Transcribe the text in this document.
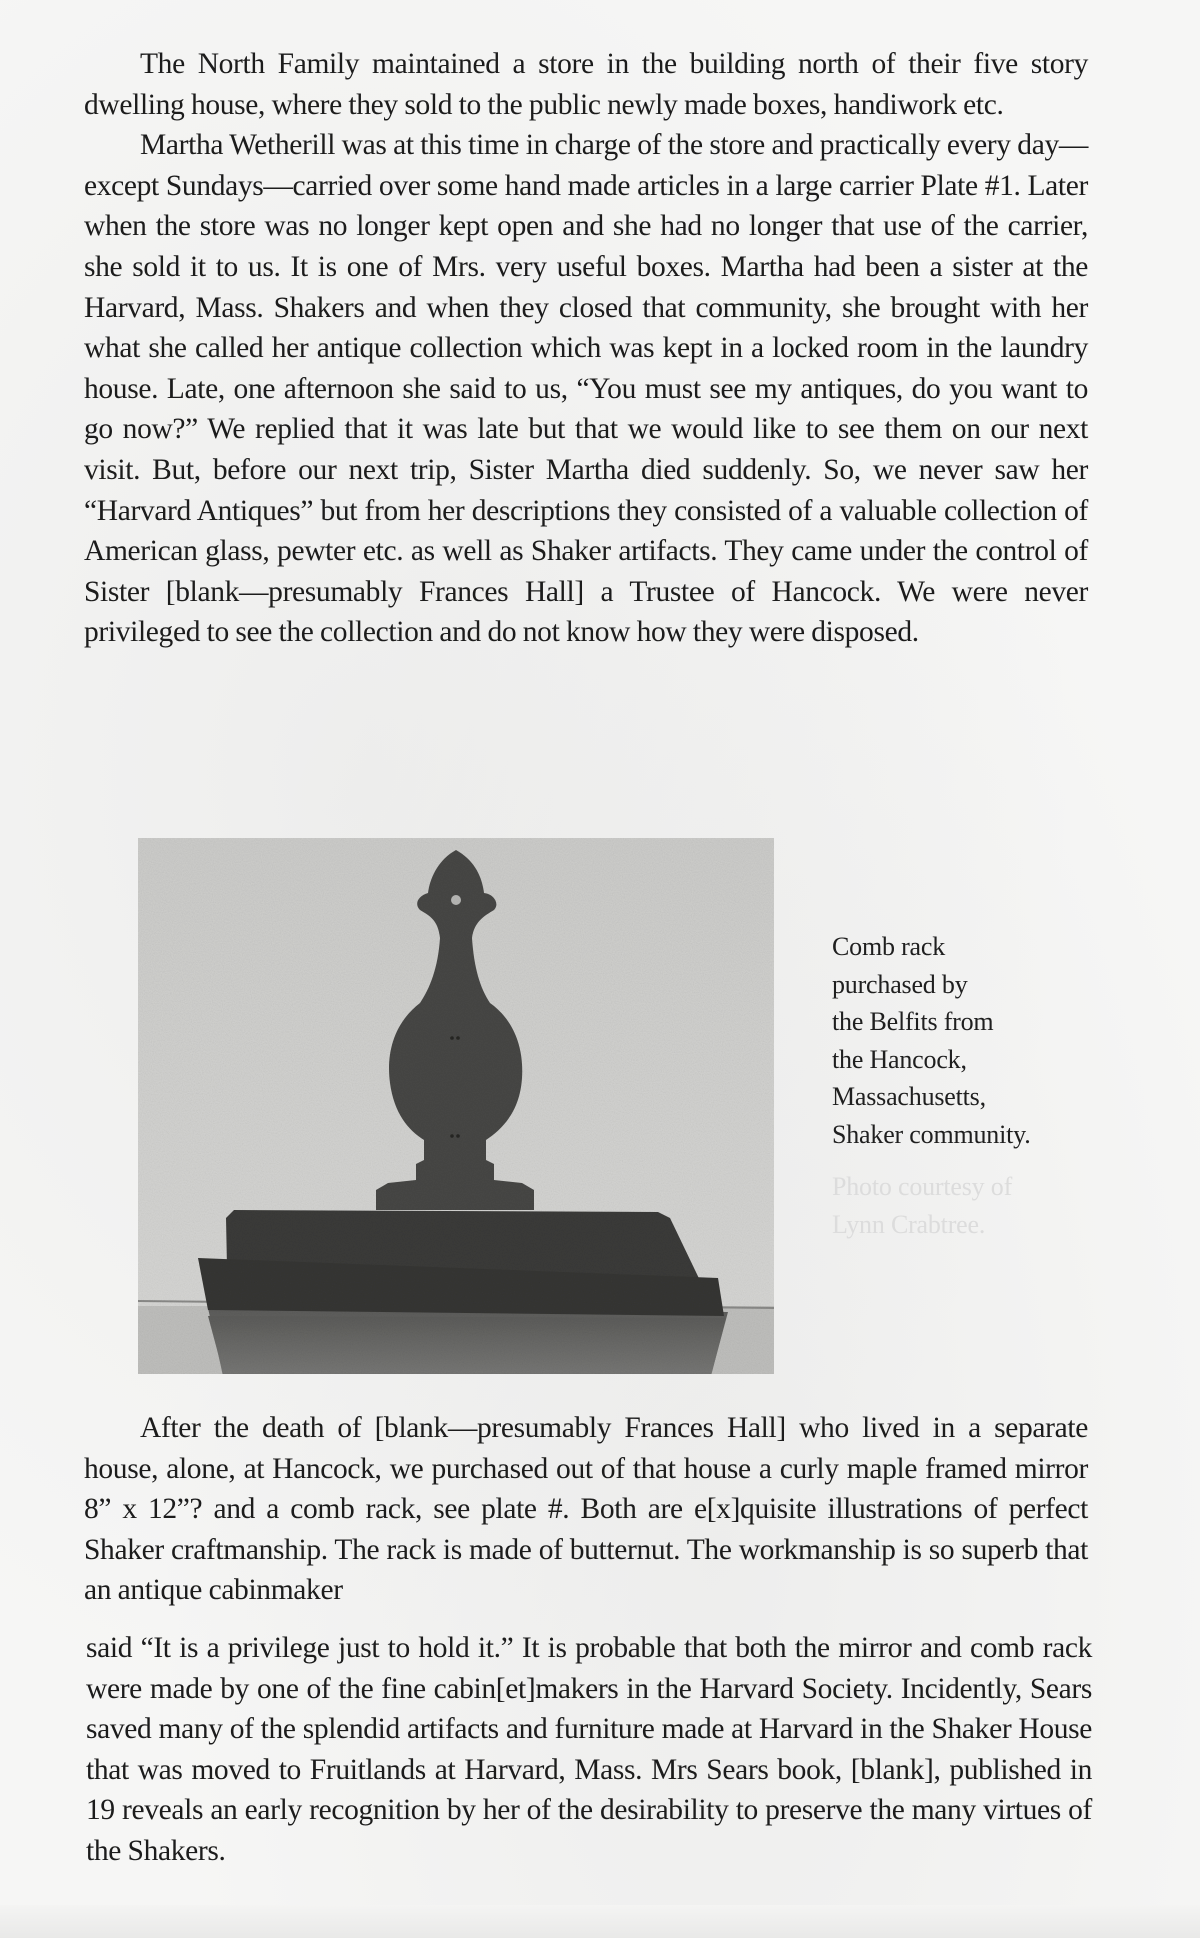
The North Family maintained a store in the building north of their five story dwelling house, where they sold to the public newly made boxes, handiwork etc.

Martha Wetherill was at this time in charge of the store and practically every day—except Sundays—carried over some hand made articles in a large carrier Plate #1. Later when the store was no longer kept open and she had no longer that use of the carrier, she sold it to us. It is one of Mrs. very useful boxes. Martha had been a sister at the Harvard, Mass. Shakers and when they closed that community, she brought with her what she called her antique collection which was kept in a locked room in the laundry house. Late, one afternoon she said to us, “You must see my antiques, do you want to go now?” We replied that it was late but that we would like to see them on our next visit. But, before our next trip, Sister Martha died suddenly. So, we never saw her “Harvard Antiques” but from her descriptions they consisted of a valuable collection of American glass, pewter etc. as well as Shaker artifacts. They came under the control of Sister [blank—presumably Frances Hall] a Trustee of Hancock. We were never privileged to see the collection and do not know how they were disposed.

Comb rack
purchased by
the Belfits from
the Hancock,
Massachusetts,
Shaker community.
Photo courtesy of
Lynn Crabtree.

After the death of [blank—presumably Frances Hall] who lived in a separate house, alone, at Hancock, we purchased out of that house a curly maple framed mirror 8” x 12”? and a comb rack, see plate #. Both are e[x]quisite illustrations of perfect Shaker craftmanship. The rack is made of butternut. The workmanship is so superb that an antique cabinmaker

said “It is a privilege just to hold it.” It is probable that both the mirror and comb rack were made by one of the fine cabin[et]makers in the Harvard Society. Incidently, Sears saved many of the splendid artifacts and furniture made at Harvard in the Shaker House that was moved to Fruitlands at Harvard, Mass. Mrs Sears book, [blank], published in 19 reveals an early recognition by her of the desirability to preserve the many virtues of the Shakers.
